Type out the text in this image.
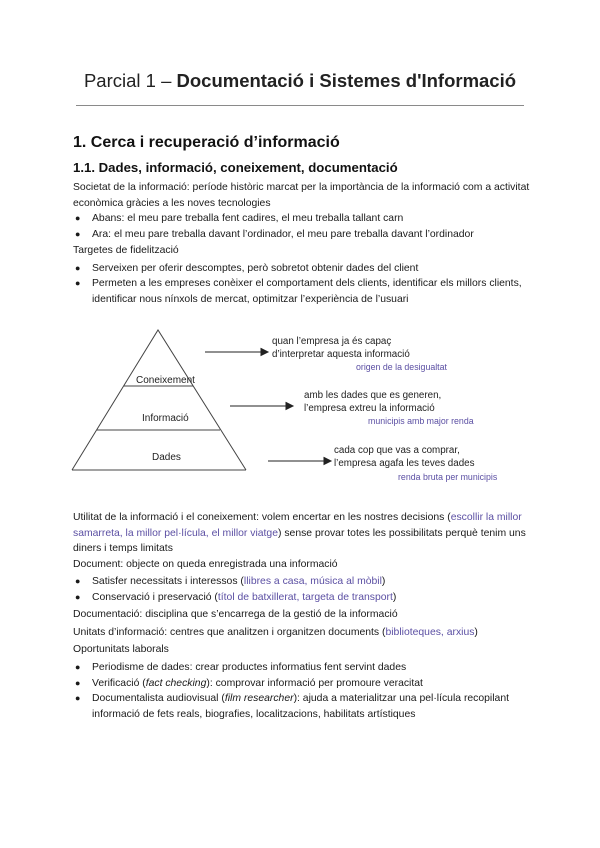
Parcial 1 – Documentació i Sistemes d'Informació
1. Cerca i recuperació d’informació
1.1. Dades, informació, coneixement, documentació
Societat de la informació: període històric marcat per la importància de la informació com a activitat econòmica gràcies a les noves tecnologies
● Abans: el meu pare treballa fent cadires, el meu treballa tallant carn
● Ara: el meu pare treballa davant l’ordinador, el meu pare treballa davant l’ordinador
Targetes de fidelització
● Serveixen per oferir descomptes, però sobretot obtenir dades del client
● Permeten a les empreses conèixer el comportament dels clients, identificar els millors clients, identificar nous nínxols de mercat, optimitzar l’experiència de l’usuari
Coneixement
Informació
Dades
quan l’empresa ja és capaç
d’interpretar aquesta informació
origen de la desigualtat
amb les dades que es generen,
l’empresa extreu la informació
municipis amb major renda
cada cop que vas a comprar,
l’empresa agafa les teves dades
renda bruta per municipis
Utilitat de la informació i el coneixement: volem encertar en les nostres decisions (escollir la millor samarreta, la millor pel·lícula, el millor viatge) sense provar totes les possibilitats perquè tenim uns diners i temps limitats
Document: objecte on queda enregistrada una informació
● Satisfer necessitats i interessos (llibres a casa, música al mòbil)
● Conservació i preservació (títol de batxillerat, targeta de transport)
Documentació: disciplina que s’encarrega de la gestió de la informació
Unitats d’informació: centres que analitzen i organitzen documents (biblioteques, arxius)
Oportunitats laborals
● Periodisme de dades: crear productes informatius fent servint dades
● Verificació (fact checking): comprovar informació per promoure veracitat
● Documentalista audiovisual (film researcher): ajuda a materialitzar una pel·lícula recopilant informació de fets reals, biografies, localitzacions, habilitats artístiques
